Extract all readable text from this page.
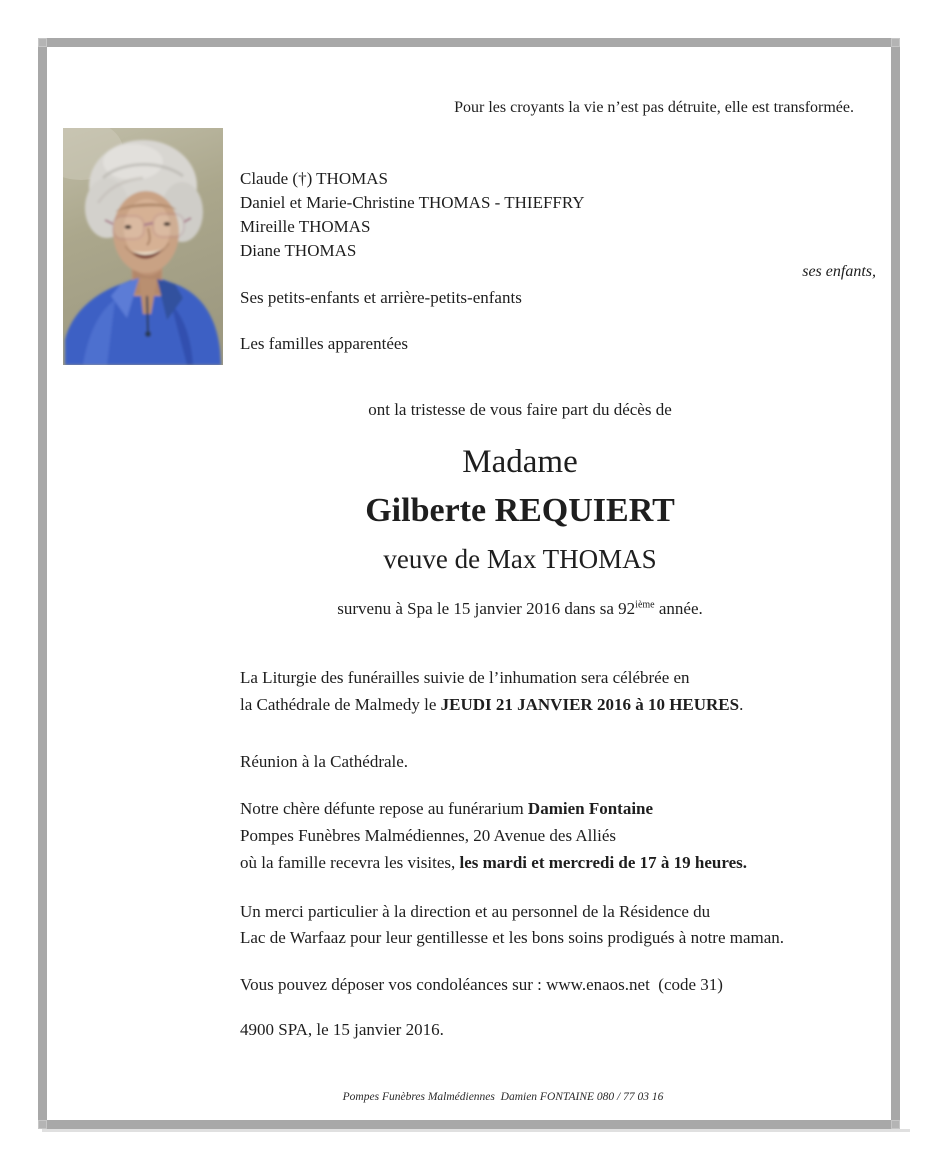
Pour les croyants la vie n’est pas détruite, elle est transformée.
Claude (†) THOMAS
Daniel et Marie-Christine THOMAS - THIEFFRY
Mireille THOMAS
Diane THOMAS
ses enfants,
Ses petits-enfants et arrière-petits-enfants
Les familles apparentées
ont la tristesse de vous faire part du décès de
Madame
Gilberte REQUIERT
veuve de Max THOMAS
survenu à Spa le 15 janvier 2016 dans sa 92ième année.
La Liturgie des funérailles suivie de l’inhumation sera célébrée en
la Cathédrale de Malmedy le JEUDI 21 JANVIER 2016 à 10 HEURES.
Réunion à la Cathédrale.
Notre chère défunte repose au funérarium Damien Fontaine
Pompes Funèbres Malmédiennes, 20 Avenue des Alliés
où la famille recevra les visites, les mardi et mercredi de 17 à 19 heures.
Un merci particulier à la direction et au personnel de la Résidence du
Lac de Warfaaz pour leur gentillesse et les bons soins prodigués à notre maman.
Vous pouvez déposer vos condoléances sur : www.enaos.net  (code 31)
4900 SPA, le 15 janvier 2016.
Pompes Funèbres Malmédiennes  Damien FONTAINE 080 / 77 03 16
